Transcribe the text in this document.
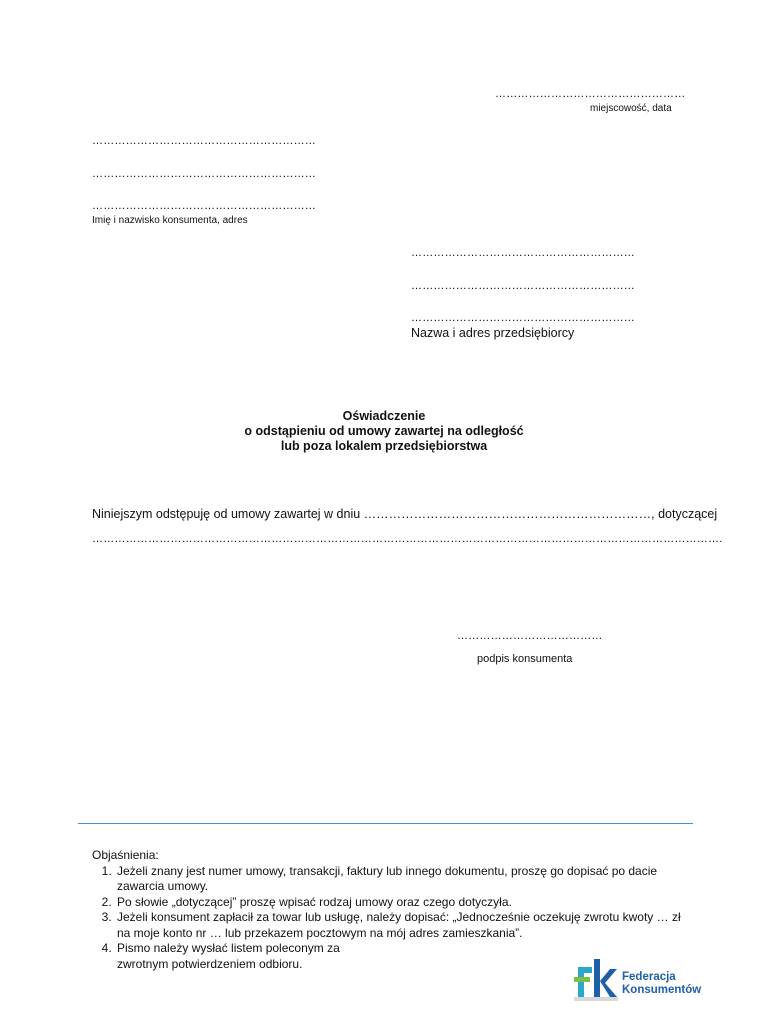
……………………………………………
miejscowość, data
……………………………………………………
……………………………………………………
……………………………………………………
Imię i nazwisko konsumenta, adres
……………………………………………………
……………………………………………………
……………………………………………………
Nazwa i adres przedsiębiorcy
Oświadczenie
o odstąpieniu od umowy zawartej na odległość
lub poza lokalem przedsiębiorstwa
Niniejszym odstępuję od umowy zawartej w dniu ……………………………………………………………, dotyczącej
…………………………………………………………………………………………………………………………………………………….
…………………………………
podpis konsumenta
Objaśnienia:
1. Jeżeli znany jest numer umowy, transakcji, faktury lub innego dokumentu, proszę go dopisać po dacie zawarcia umowy.
2. Po słowie „dotyczącej” proszę wpisać rodzaj umowy oraz czego dotyczyła.
3. Jeżeli konsument zapłacił za towar lub usługę, należy dopisać: „Jednocześnie oczekuję zwrotu kwoty … zł na moje konto nr … lub przekazem pocztowym na mój adres zamieszkania”.
4. Pismo należy wysłać listem poleconym za zwrotnym potwierdzeniem odbioru.
Federacja
Konsumentów
